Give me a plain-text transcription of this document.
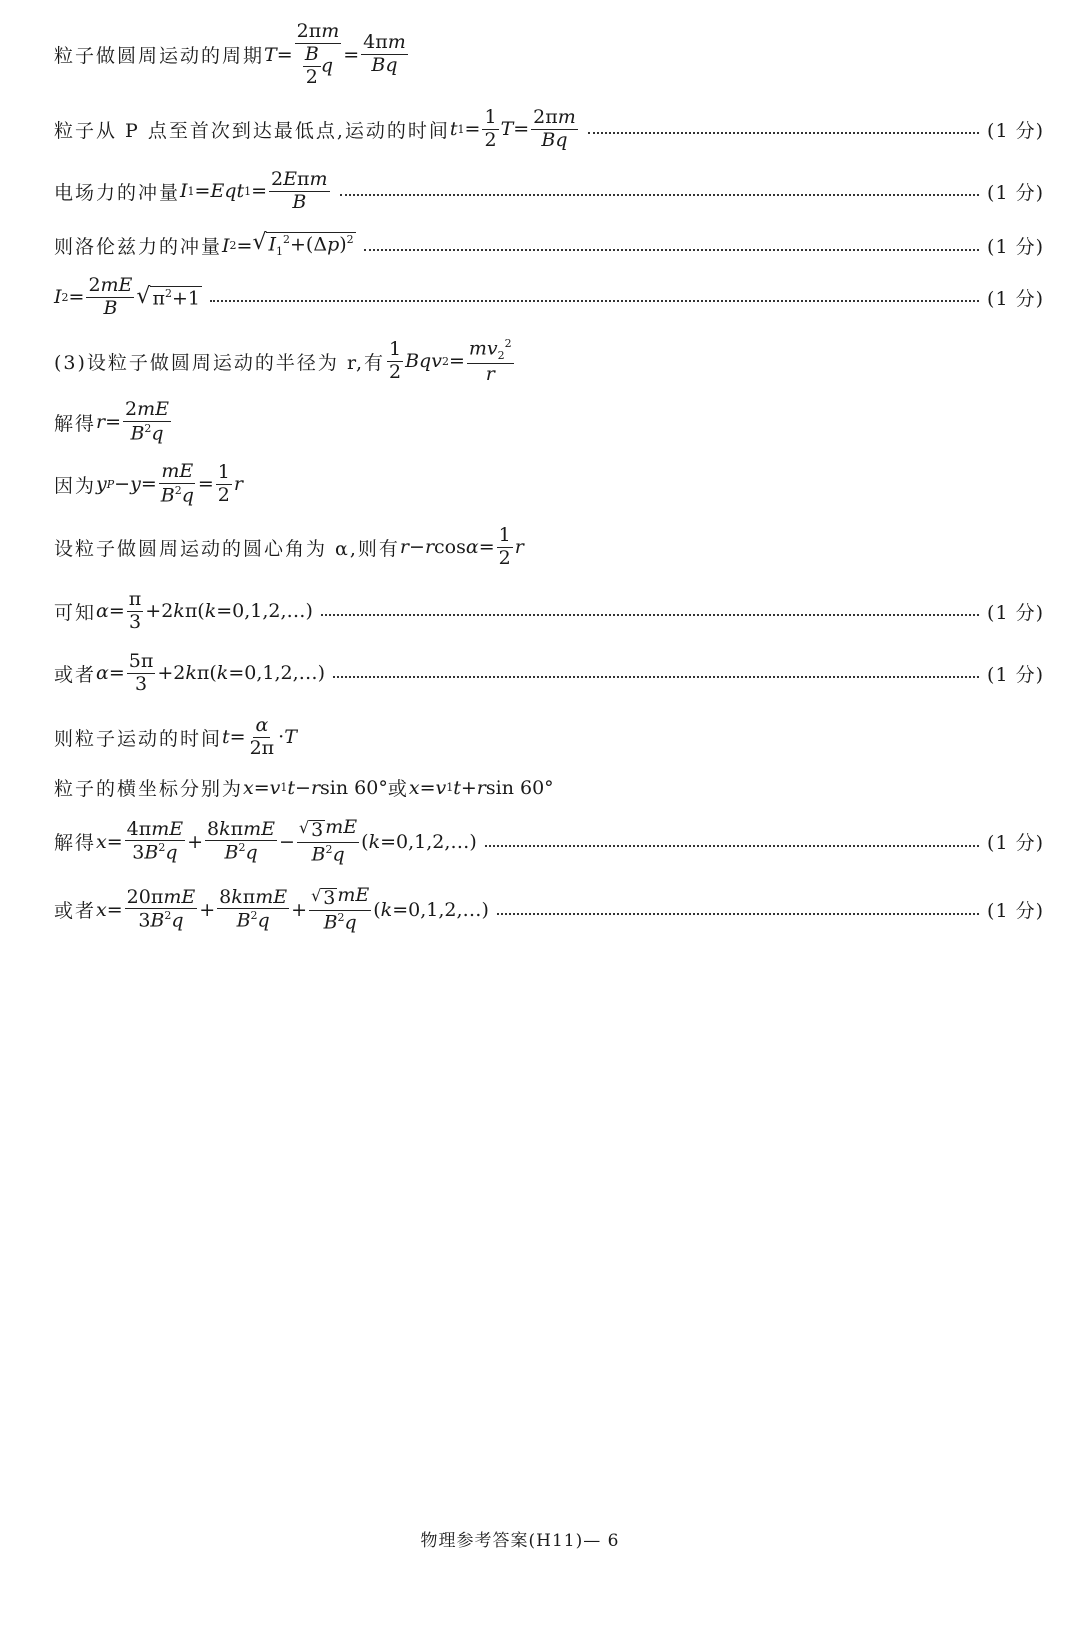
粒子做圆周运动的周期 $T = \frac{2\pi m}{\frac{B}{2} q} = \frac{4\pi m}{Bq}$
粒子从 P 点至首次到达最低点,运动的时间 t $1 = \frac{1}{2}$ $T = \frac{2\pi m}{Bq}$	(1 分)
电场力的冲量 I 1 = Eqt $1 = \frac{\text{2Eπm}}{B}$	(1 分)
则洛伦兹力的冲量 I 2 = √ $I_1^2+(\Delta p)^2$	(1 分)
I $2 = \frac{2mE}{B}$ √ $\pi^2+1$	(1 分)
(3)设粒子做圆周运动的半径为 r,有 $\frac{1}{2}$ Bqv $2 = \frac{mv_2^2}{r}$
解得 $r = \frac{2mE}{B^2q}$
因为 y $P - y = \frac{mE}{B^2q} = \frac{1}{2}$ r
设粒子做圆周运动的圆心角为 α,则有 r − r $\cos \alpha = \frac{1}{2}$ r
可知 $\alpha = \frac{\pi}{3} +2$ k π( k =0,1,2,…)	(1 分)
或者 $\alpha = \frac{5\pi}{3} +2$ k π( k =0,1,2,…)	(1 分)
则粒子运动的时间 $t = \frac{\alpha}{2\pi} \cdot T$
粒子的横坐标分别为 x = v 1 t − r sin 60° 或 x = v 1 t + r sin 60°
解得 $x = \frac{\text{4πmE}}{3B^2q} + \frac{\text{8kπmE}}{B^2q} - \frac{√ 3 mE}{B^2q}$ ( k =0,1,2,…)	(1 分)
或者 $x = \frac{\text{20πmE}}{3B^2q} + \frac{\text{8kπmE}}{B^2q} + \frac{√ 3 mE}{B^2q}$ ( k =0,1,2,…)	(1 分)
物理参考答案(H11)— 6
